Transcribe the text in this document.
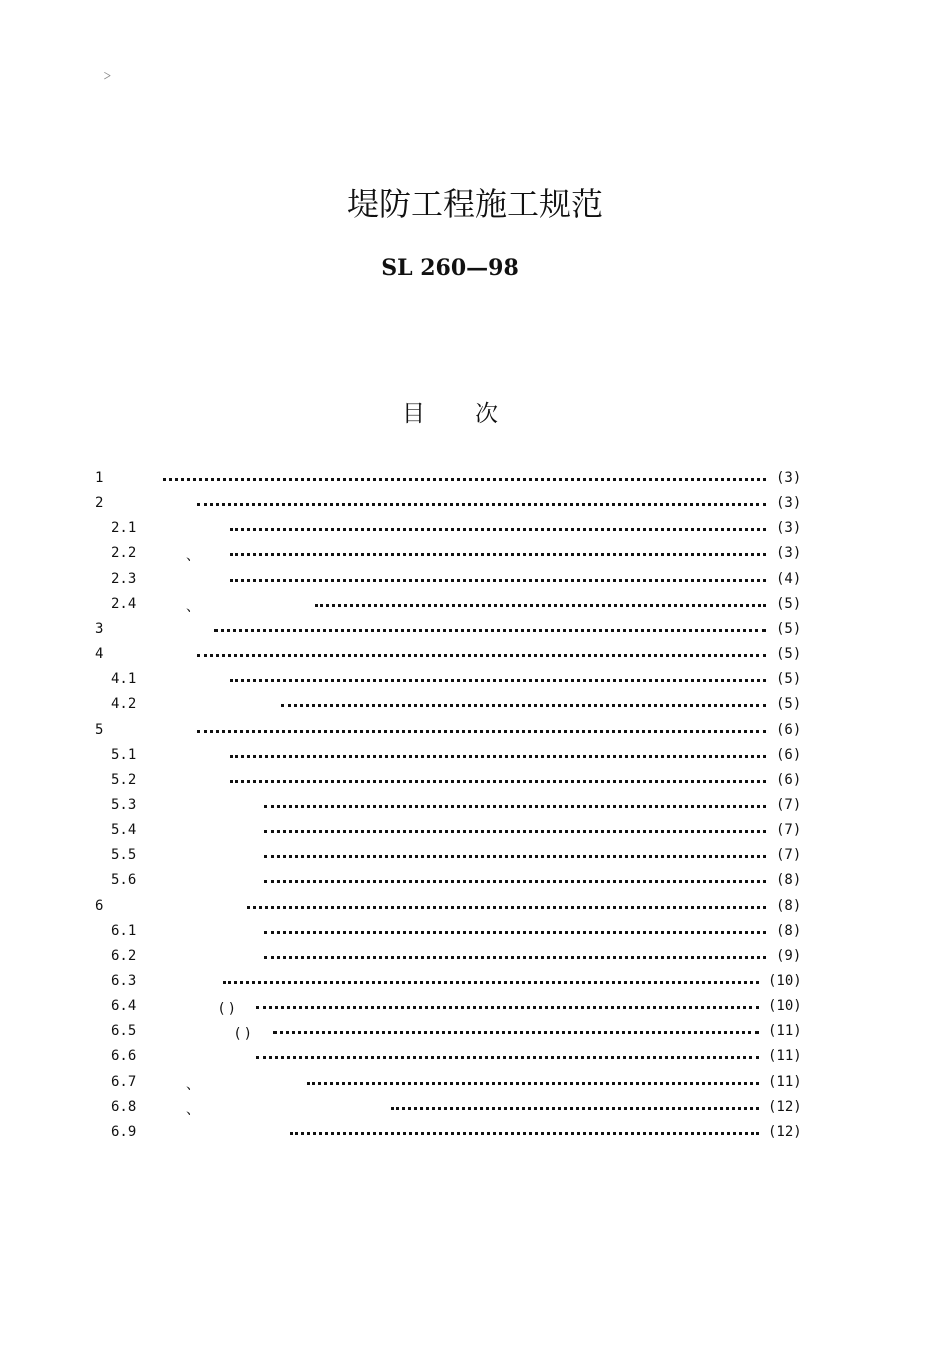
﹥
堤防工程施工规范
SL 260—98
目次
1	(3)
2	(3)
2.1	(3)
2.2	、	(3)
2.3	(4)
2.4	、	(5)
3	(5)
4	(5)
4.1	(5)
4.2	(5)
5	(6)
5.1	(6)
5.2	(6)
5.3	(7)
5.4	(7)
5.5	(7)
5.6	(8)
6	(8)
6.1	(8)
6.2	(9)
6.3	(10)
6.4	( )	(10)
6.5	( )	(11)
6.6	(11)
6.7	、	(11)
6.8	、	(12)
6.9	(12)
